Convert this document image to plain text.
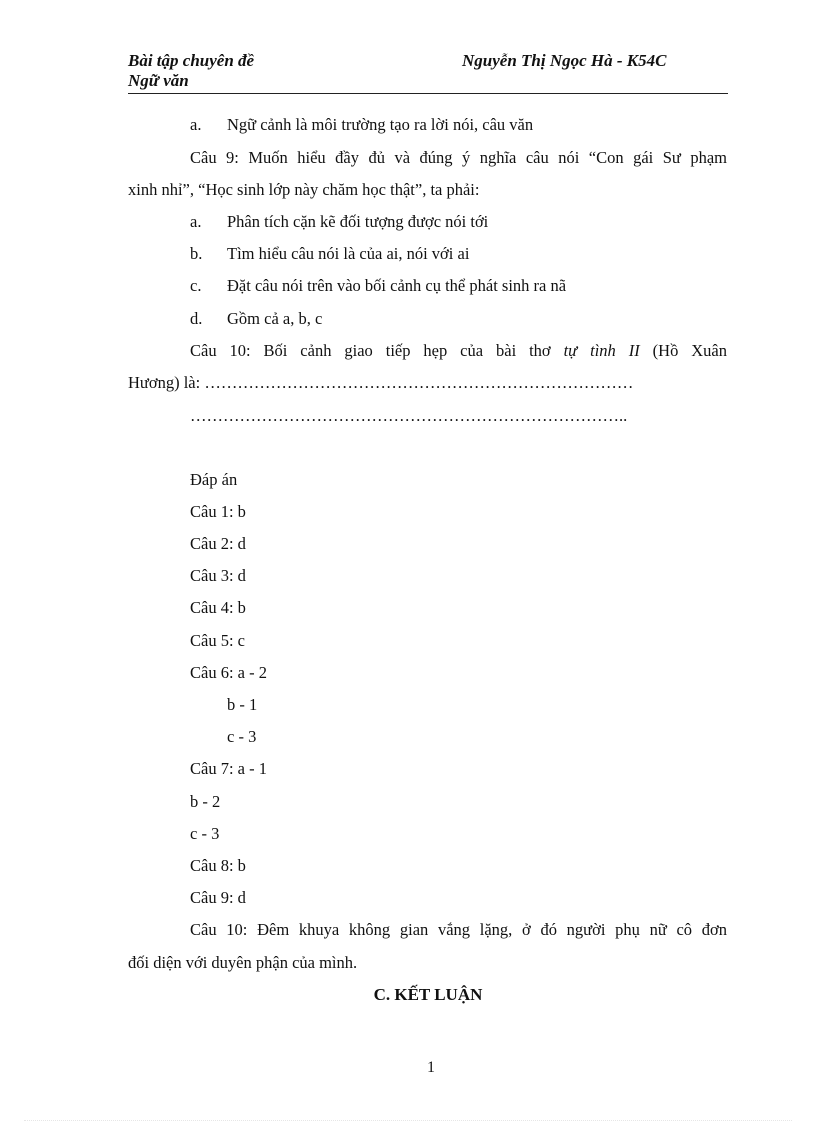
Bài tập chuyên đề
Ngữ văn
Nguyễn Thị Ngọc Hà - K54C
a. Ngữ cảnh là môi trường tạo ra lời nói, câu văn
Câu 9: Muốn hiểu đầy đủ và đúng ý nghĩa câu nói “Con gái Sư phạm
xinh nhỉ”, “Học sinh lớp này chăm học thật”, ta phải:
a. Phân tích cặn kẽ đối tượng được nói tới
b. Tìm hiểu câu nói là của ai, nói với ai
c. Đặt câu nói trên vào bối cảnh cụ thể phát sinh ra nã
d. Gồm cả a, b, c
Câu 10: Bối cảnh giao tiếp hẹp của bài thơ tự tình II (Hồ Xuân
Hương) là: ……………………………………………………………………
……………………………………………………………………..
Đáp án
Câu 1: b
Câu 2: d
Câu 3: d
Câu 4: b
Câu 5: c
Câu 6: a - 2
b - 1
c - 3
Câu 7: a - 1
b - 2
c - 3
Câu 8: b
Câu 9: d
Câu 10: Đêm khuya không gian vắng lặng, ở đó người phụ nữ cô đơn
đối diện với duyên phận của mình.
C. KẾT LUẬN
1
